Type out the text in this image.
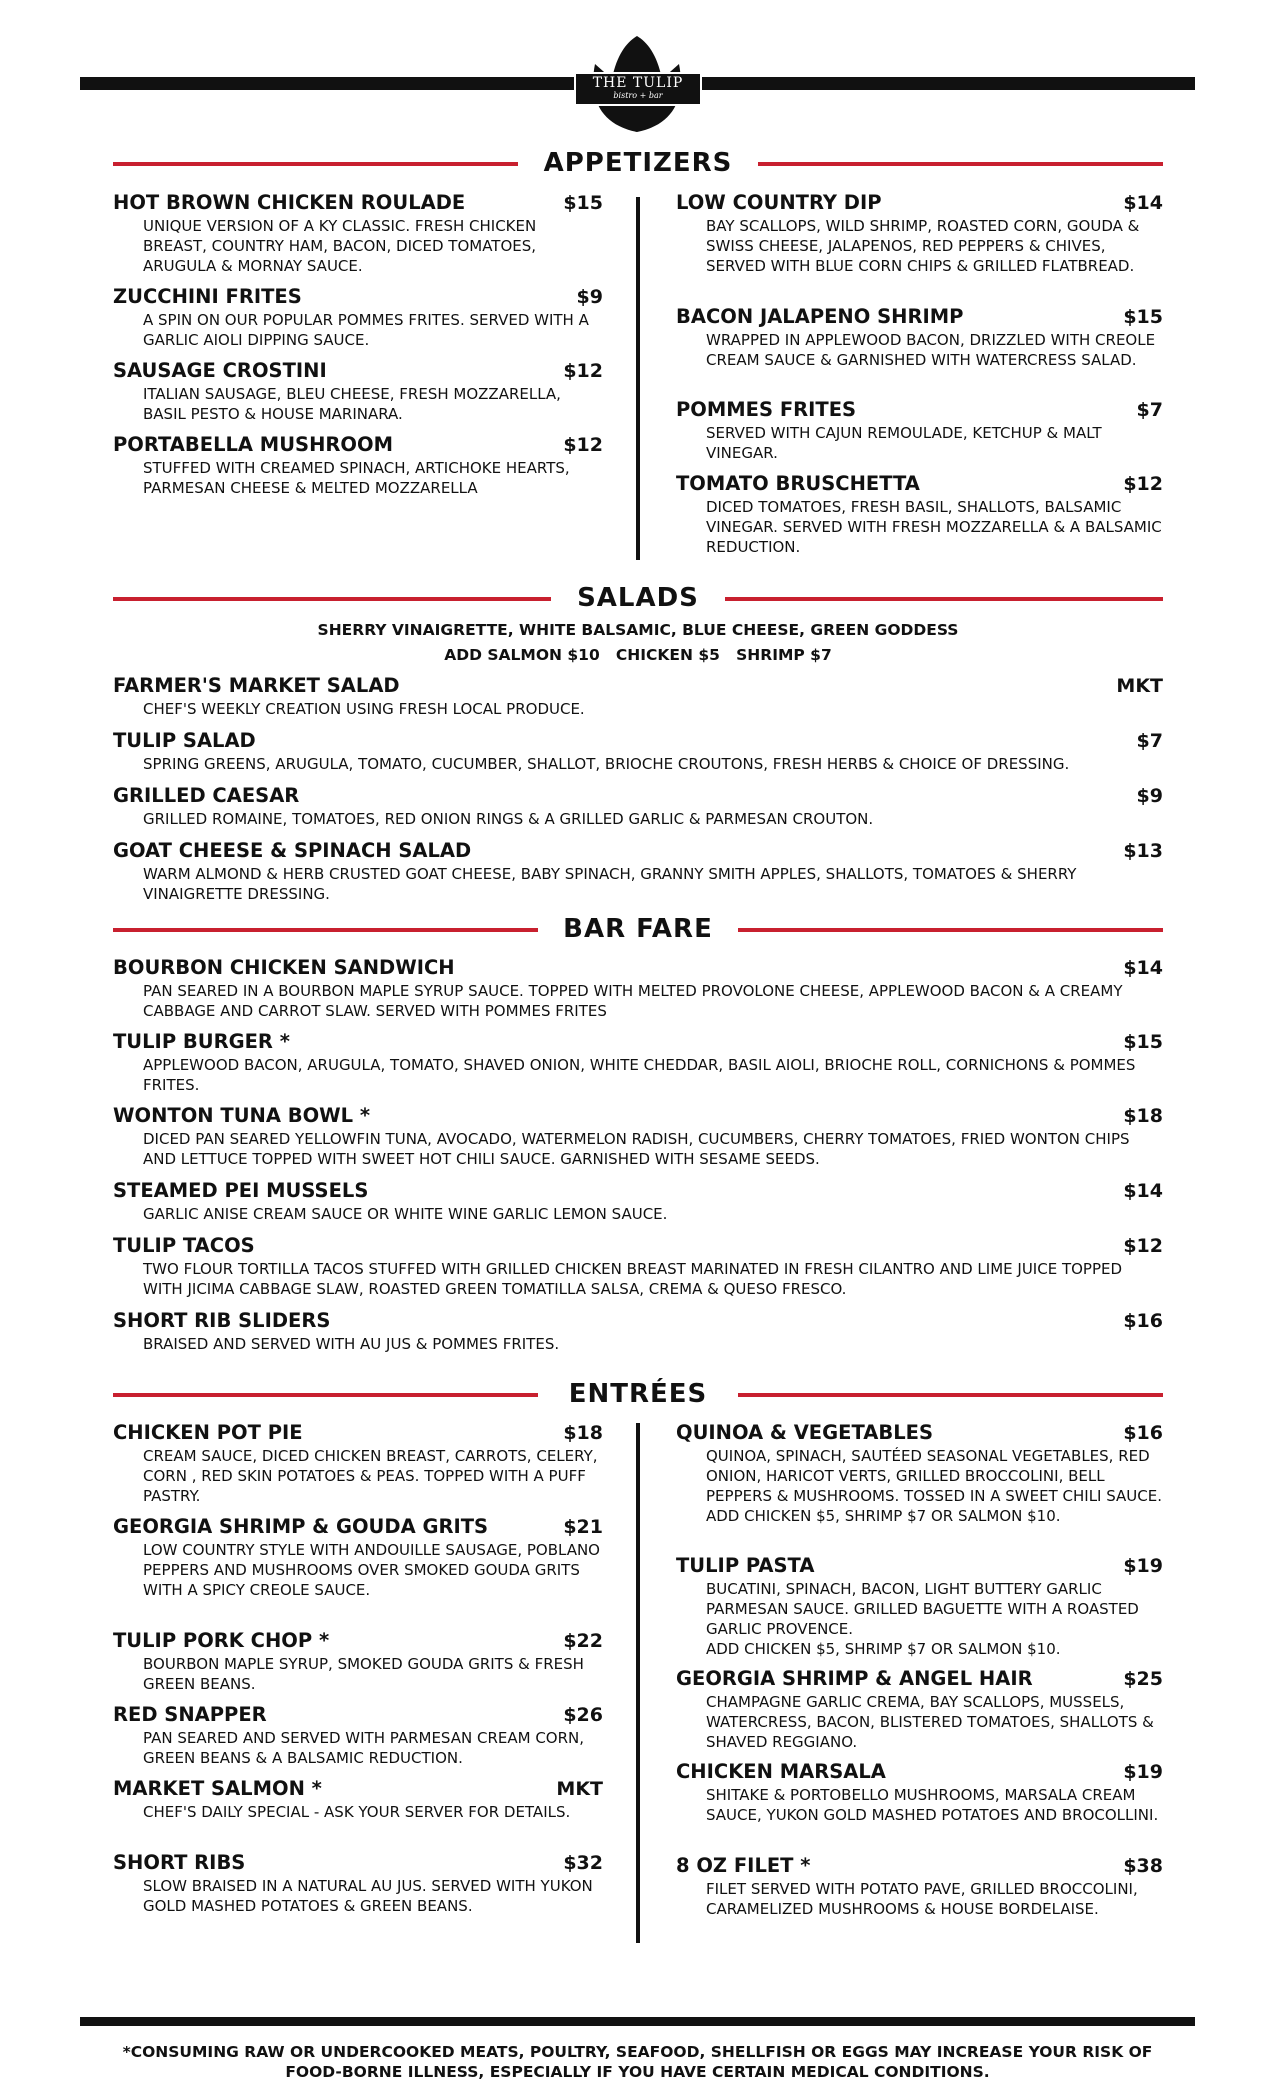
THE TULIP
bistro + bar
APPETIZERS
HOT BROWN CHICKEN ROULADE	$15
UNIQUE VERSION OF A KY CLASSIC. FRESH CHICKEN BREAST, COUNTRY HAM, BACON, DICED TOMATOES, ARUGULA & MORNAY SAUCE.
ZUCCHINI FRITES	$9
A SPIN ON OUR POPULAR POMMES FRITES. SERVED WITH A GARLIC AIOLI DIPPING SAUCE.
SAUSAGE CROSTINI	$12
ITALIAN SAUSAGE, BLEU CHEESE, FRESH MOZZARELLA, BASIL PESTO & HOUSE MARINARA.
PORTABELLA MUSHROOM	$12
STUFFED WITH CREAMED SPINACH, ARTICHOKE HEARTS, PARMESAN CHEESE & MELTED MOZZARELLA
LOW COUNTRY DIP	$14
BAY SCALLOPS, WILD SHRIMP, ROASTED CORN, GOUDA & SWISS CHEESE, JALAPENOS, RED PEPPERS & CHIVES, SERVED WITH BLUE CORN CHIPS & GRILLED FLATBREAD.
BACON JALAPENO SHRIMP	$15
WRAPPED IN APPLEWOOD BACON, DRIZZLED WITH CREOLE CREAM SAUCE & GARNISHED WITH WATERCRESS SALAD.
POMMES FRITES	$7
SERVED WITH CAJUN REMOULADE, KETCHUP & MALT VINEGAR.
TOMATO BRUSCHETTA	$12
DICED TOMATOES, FRESH BASIL, SHALLOTS, BALSAMIC VINEGAR. SERVED WITH FRESH MOZZARELLA & A BALSAMIC REDUCTION.
SALADS
SHERRY VINAIGRETTE, WHITE BALSAMIC, BLUE CHEESE, GREEN GODDESS
ADD SALMON $10   CHICKEN $5   SHRIMP $7
FARMER'S MARKET SALAD	MKT
CHEF'S WEEKLY CREATION USING FRESH LOCAL PRODUCE.
TULIP SALAD	$7
SPRING GREENS, ARUGULA, TOMATO, CUCUMBER, SHALLOT, BRIOCHE CROUTONS, FRESH HERBS & CHOICE OF DRESSING.
GRILLED CAESAR	$9
GRILLED ROMAINE, TOMATOES, RED ONION RINGS & A GRILLED GARLIC & PARMESAN CROUTON.
GOAT CHEESE & SPINACH SALAD	$13
WARM ALMOND & HERB CRUSTED GOAT CHEESE, BABY SPINACH, GRANNY SMITH APPLES, SHALLOTS, TOMATOES & SHERRY VINAIGRETTE DRESSING.
BAR FARE
BOURBON CHICKEN SANDWICH	$14
PAN SEARED IN A BOURBON MAPLE SYRUP SAUCE. TOPPED WITH MELTED PROVOLONE CHEESE, APPLEWOOD BACON & A CREAMY CABBAGE AND CARROT SLAW. SERVED WITH POMMES FRITES
TULIP BURGER *	$15
APPLEWOOD BACON, ARUGULA, TOMATO, SHAVED ONION, WHITE CHEDDAR, BASIL AIOLI, BRIOCHE ROLL, CORNICHONS & POMMES FRITES.
WONTON TUNA BOWL *	$18
DICED PAN SEARED YELLOWFIN TUNA, AVOCADO, WATERMELON RADISH, CUCUMBERS, CHERRY TOMATOES, FRIED WONTON CHIPS AND LETTUCE TOPPED WITH SWEET HOT CHILI SAUCE. GARNISHED WITH SESAME SEEDS.
STEAMED PEI MUSSELS	$14
GARLIC ANISE CREAM SAUCE OR WHITE WINE GARLIC LEMON SAUCE.
TULIP TACOS	$12
TWO FLOUR TORTILLA TACOS STUFFED WITH GRILLED CHICKEN BREAST MARINATED IN FRESH CILANTRO AND LIME JUICE TOPPED WITH JICIMA CABBAGE SLAW, ROASTED GREEN TOMATILLA SALSA, CREMA & QUESO FRESCO.
SHORT RIB SLIDERS	$16
BRAISED AND SERVED WITH AU JUS & POMMES FRITES.
ENTRÉES
CHICKEN POT PIE	$18
CREAM SAUCE, DICED CHICKEN BREAST, CARROTS, CELERY, CORN , RED SKIN POTATOES & PEAS. TOPPED WITH A PUFF PASTRY.
GEORGIA SHRIMP & GOUDA GRITS	$21
LOW COUNTRY STYLE WITH ANDOUILLE SAUSAGE, POBLANO PEPPERS AND MUSHROOMS OVER SMOKED GOUDA GRITS WITH A SPICY CREOLE SAUCE.
TULIP PORK CHOP *	$22
BOURBON MAPLE SYRUP, SMOKED GOUDA GRITS & FRESH GREEN BEANS.
RED SNAPPER	$26
PAN SEARED AND SERVED WITH PARMESAN CREAM CORN, GREEN BEANS & A BALSAMIC REDUCTION.
MARKET SALMON *	MKT
CHEF'S DAILY SPECIAL - ASK YOUR SERVER FOR DETAILS.
SHORT RIBS	$32
SLOW BRAISED IN A NATURAL AU JUS. SERVED WITH YUKON GOLD MASHED POTATOES & GREEN BEANS.
QUINOA & VEGETABLES	$16
QUINOA, SPINACH, SAUTÉED SEASONAL VEGETABLES, RED ONION, HARICOT VERTS, GRILLED BROCCOLINI, BELL PEPPERS & MUSHROOMS. TOSSED IN A SWEET CHILI SAUCE.
ADD CHICKEN $5, SHRIMP $7 OR SALMON $10.
TULIP PASTA	$19
BUCATINI, SPINACH, BACON, LIGHT BUTTERY GARLIC PARMESAN SAUCE. GRILLED BAGUETTE WITH A ROASTED GARLIC PROVENCE.
ADD CHICKEN $5, SHRIMP $7 OR SALMON $10.
GEORGIA SHRIMP & ANGEL HAIR	$25
CHAMPAGNE GARLIC CREMA, BAY SCALLOPS, MUSSELS, WATERCRESS, BACON, BLISTERED TOMATOES, SHALLOTS & SHAVED REGGIANO.
CHICKEN MARSALA	$19
SHITAKE & PORTOBELLO MUSHROOMS, MARSALA CREAM SAUCE, YUKON GOLD MASHED POTATOES AND BROCOLLINI.
8 OZ FILET *	$38
FILET SERVED WITH POTATO PAVE, GRILLED BROCCOLINI, CARAMELIZED MUSHROOMS & HOUSE BORDELAISE.
*CONSUMING RAW OR UNDERCOOKED MEATS, POULTRY, SEAFOOD, SHELLFISH OR EGGS MAY INCREASE YOUR RISK OF FOOD-BORNE ILLNESS, ESPECIALLY IF YOU HAVE CERTAIN MEDICAL CONDITIONS.
